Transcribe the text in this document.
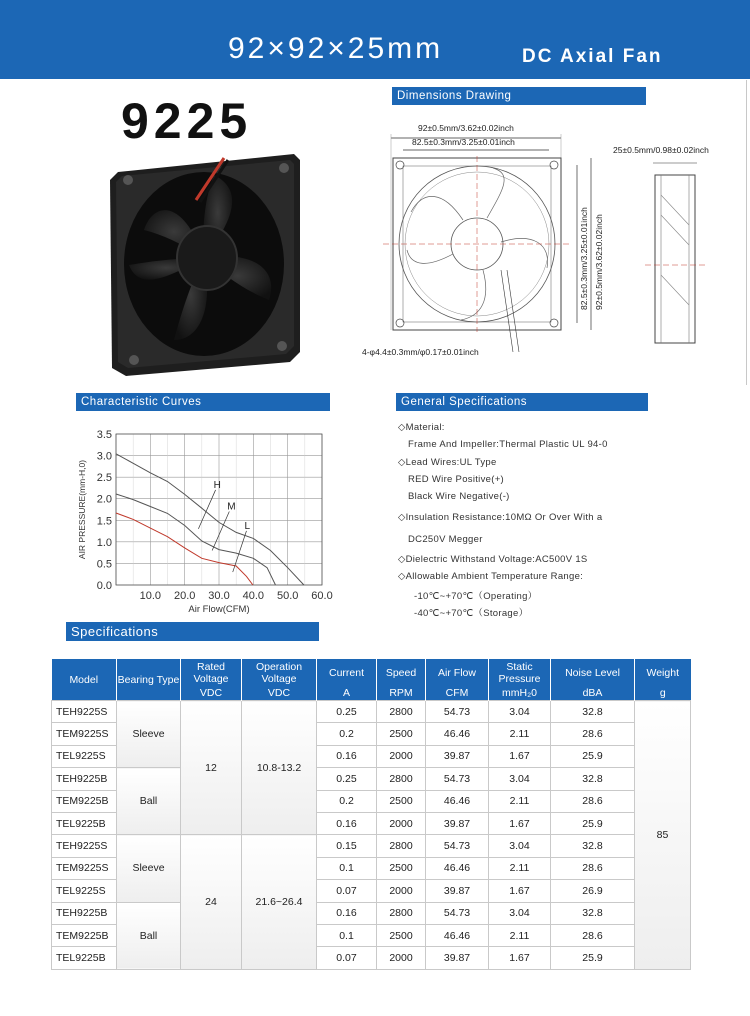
92×92×25mm	DC Axial Fan
9225	Dimensions Drawing
92±0.5mm/3.62±0.02inch
82.5±0.3mm/3.25±0.01inch
82.5±0.3mm/3.25±0.01inch 92±0.5mm/3.62±0.02inch
4-φ4.4±0.3mm/φ0.17±0.01inch
25±0.5mm/0.98±0.02inch
Characteristic Curves
0.0
0.5
1.0
1.5
2.0
2.5
3.0
3.5
10.0 20.0 30.0 40.0 50.0 60.0
Air Flow(CFM)
AIR PRESSURE(mm-H,0)	H
M
L
General Specifications
◇Material:
Frame And Impeller:Thermal Plastic UL 94-0
◇Lead Wires:UL Type
RED Wire Positive(+)
Black Wire Negative(-)
◇Insulation Resistance:10MΩ Or Over With a
DC250V Megger
◇Dielectric Withstand Voltage:AC500V 1S
◇Allowable Ambient Temperature Range:
-10℃~+70℃（Operating）
-40℃~+70℃（Storage）
Specifications
Model	Bearing Type	Rated Voltage	Operation Voltage	Current	Speed	Air Flow	Static Pressure	Noise Level	Weight
		VDC	VDC	A	RPM	CFM	mmH₂0	dBA	g
TEH9225S	Sleeve	12	10.8-13.2	0.25	2800	54.73	3.04	32.8	85
TEM9225S				0.2	2500	46.46	2.11	28.6	
TEL9225S				0.16	2000	39.87	1.67	25.9	
TEH9225B	Ball			0.25	2800	54.73	3.04	32.8	
TEM9225B				0.2	2500	46.46	2.11	28.6	
TEL9225B				0.16	2000	39.87	1.67	25.9	
TEH9225S	Sleeve	24	21.6~26.4	0.15	2800	54.73	3.04	32.8	
TEM9225S				0.1	2500	46.46	2.11	28.6	
TEL9225S				0.07	2000	39.87	1.67	26.9	
TEH9225B	Ball			0.16	2800	54.73	3.04	32.8	
TEM9225B				0.1	2500	46.46	2.11	28.6	
TEL9225B				0.07	2000	39.87	1.67	25.9	
